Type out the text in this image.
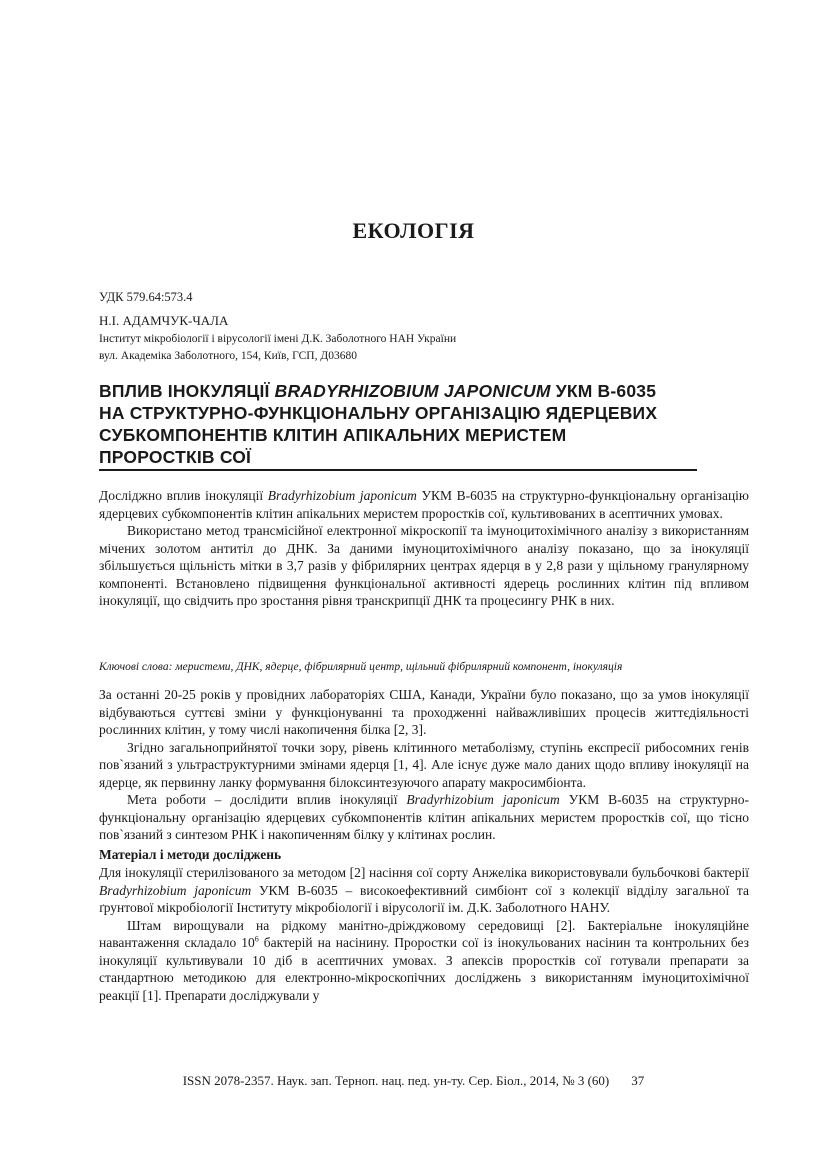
ЕКОЛОГІЯ
УДК 579.64:573.4
Н.І. АДАМЧУК-ЧАЛА
Інститут мікробіології і вірусології імені Д.К. Заболотного НАН України
вул. Академіка Заболотного, 154, Київ, ГСП, Д03680
ВПЛИВ ІНОКУЛЯЦІЇ BRADYRHIZOBIUM JAPONICUM УКМ В-6035
НА СТРУКТУРНО-ФУНКЦІОНАЛЬНУ ОРГАНІЗАЦІЮ ЯДЕРЦЕВИХ
СУБКОМПОНЕНТІВ КЛІТИН АПІКАЛЬНИХ МЕРИСТЕМ
ПРОРОСТКІВ СОЇ

Досліджно вплив інокуляції Bradyrhizobium japonicum УКМ В-6035 на структурно-функціональну організацію ядерцевих субкомпонентів клітин апікальних меристем проростків сої, культивованих в асептичних умовах.

Використано метод трансмісійної електронної мікроскопії та імуноцитохімічного аналізу з використанням мічених золотом антитіл до ДНК. За даними імуноцитохімічного аналізу показано, що за інокуляції збільшується щільність мітки в 3,7 разів у фібрилярних центрах ядерця в у 2,8 рази у щільному гранулярному компоненті. Встановлено підвищення функціональної активності ядерець рослинних клітин під впливом інокуляції, що свідчить про зростання рівня транскрипції ДНК та процесингу РНК в них.

Ключові слова: меристеми, ДНК, ядерце, фібрилярний центр, щільний фібрилярний компонент, інокуляція

За останні 20-25 років у провідних лабораторіях США, Канади, України було показано, що за умов інокуляції відбуваються суттєві зміни у функціонуванні та проходженні найважливіших процесів життєдіяльності рослинних клітин, у тому числі накопичення білка [2, 3].

Згідно загальноприйнятої точки зору, рівень клітинного метаболізму, ступінь експресії рибосомних генів пов`язаний з ультраструктурними змінами ядерця [1, 4]. Але існує дуже мало даних щодо впливу інокуляції на ядерце, як первинну ланку формування білоксинтезуючого апарату макросимбіонта.

Мета роботи – дослідити вплив інокуляції Bradyrhizobium japonicum УКМ В-6035 на структурно-функціональну організацію ядерцевих субкомпонентів клітин апікальних меристем проростків сої, що тісно пов`язаний з синтезом РНК і накопиченням білку у клітинах рослин.

Матеріал і методи досліджень

Для інокуляції стерилізованого за методом [2] насіння сої сорту Анжеліка використовували бульбочкові бактерії Bradyrhizobium japonicum УКМ В-6035 – високоефективний симбіонт сої з колекції відділу загальної та ґрунтової мікробіології Інституту мікробіології і вірусології ім. Д.К. Заболотного НАНУ.

Штам вирощували на рідкому манітно-дріжджовому середовищі [2]. Бактеріальне інокуляційне навантаження складало $10^6$ бактерій на насінину. Проростки сої із інокульованих насінин та контрольних без інокуляції культивували 10 діб в асептичних умовах. З апексів проростків сої готували препарати за стандартною методикою для електронно-мікроскопічних досліджень з використанням імуноцитохімічної реакції [1]. Препарати досліджували у

ISSN 2078-2357. Наук. зап. Терноп. нац. пед. ун-ту. Сер. Біол., 2014, № 3 (60) 37
